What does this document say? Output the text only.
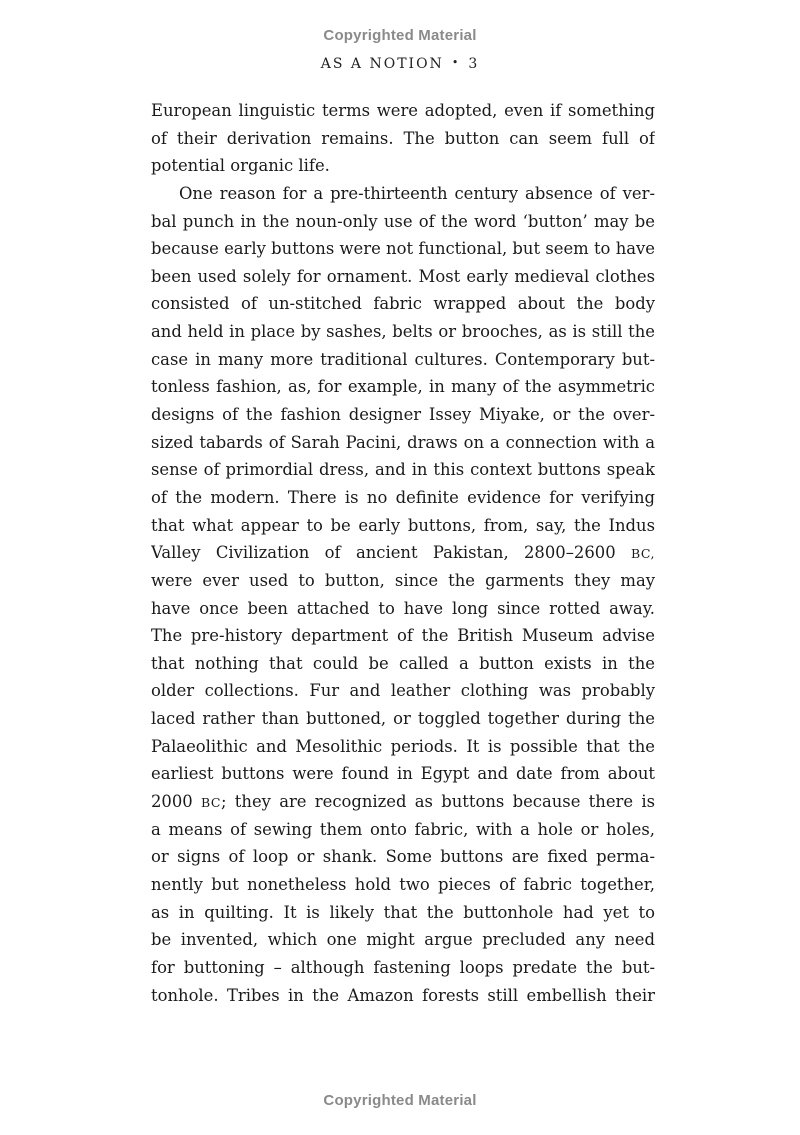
Copyrighted Material
AS A NOTION • 3
European linguistic terms were adopted, even if something
of their derivation remains. The button can seem full of
potential organic life.
One reason for a pre-thirteenth century absence of ver-
bal punch in the noun-only use of the word ‘button’ may be
because early buttons were not functional, but seem to have
been used solely for ornament. Most early medieval clothes
consisted of un-stitched fabric wrapped about the body
and held in place by sashes, belts or brooches, as is still the
case in many more traditional cultures. Contemporary but-
tonless fashion, as, for example, in many of the asymmetric
designs of the fashion designer Issey Miyake, or the over-
sized tabards of Sarah Pacini, draws on a connection with a
sense of primordial dress, and in this context buttons speak
of the modern. There is no definite evidence for verifying
that what appear to be early buttons, from, say, the Indus
Valley Civilization of ancient Pakistan, 2800–2600 BC,
were ever used to button, since the garments they may
have once been attached to have long since rotted away.
The pre-history department of the British Museum advise
that nothing that could be called a button exists in the
older collections. Fur and leather clothing was probably
laced rather than buttoned, or toggled together during the
Palaeolithic and Mesolithic periods. It is possible that the
earliest buttons were found in Egypt and date from about
2000 BC; they are recognized as buttons because there is
a means of sewing them onto fabric, with a hole or holes,
or signs of loop or shank. Some buttons are fixed perma-
nently but nonetheless hold two pieces of fabric together,
as in quilting. It is likely that the buttonhole had yet to
be invented, which one might argue precluded any need
for buttoning – although fastening loops predate the but-
tonhole. Tribes in the Amazon forests still embellish their
Copyrighted Material
